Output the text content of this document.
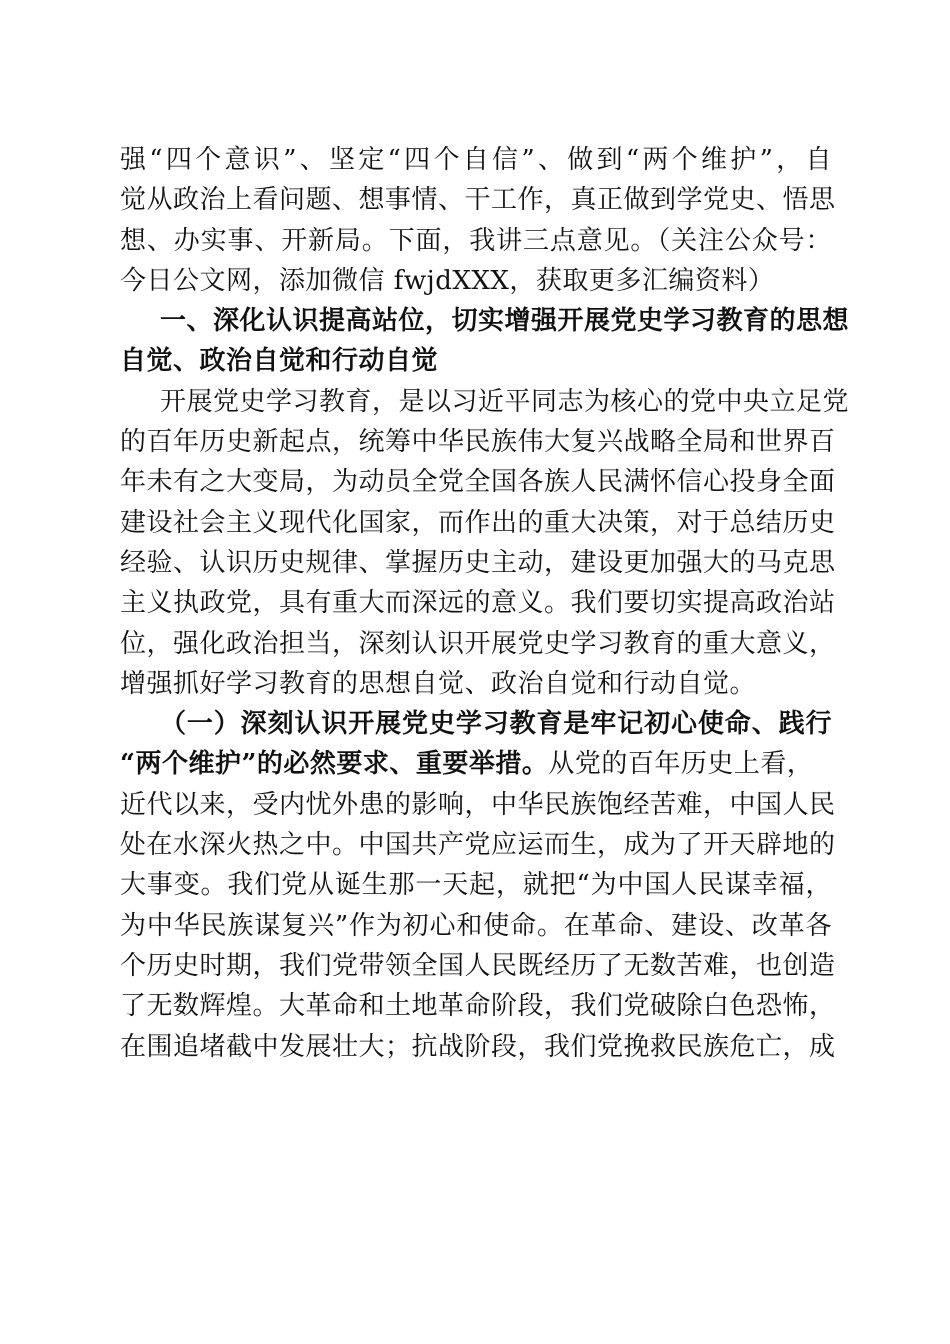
强“四个意识”、坚定“四个自信”、做到“两个维护”，自
觉从政治上看问题、想事情、干工作，真正做到学党史、悟思
想、办实事、开新局。下面，我讲三点意见。（关注公众号：
今日公文网，添加微信 fwjdXXX，获取更多汇编资料）
一、深化认识提高站位，切实增强开展党史学习教育的思想
自觉、政治自觉和行动自觉
开展党史学习教育，是以习近平同志为核心的党中央立足党
的百年历史新起点，统筹中华民族伟大复兴战略全局和世界百
年未有之大变局，为动员全党全国各族人民满怀信心投身全面
建设社会主义现代化国家，而作出的重大决策，对于总结历史
经验、认识历史规律、掌握历史主动，建设更加强大的马克思
主义执政党，具有重大而深远的意义。我们要切实提高政治站
位，强化政治担当，深刻认识开展党史学习教育的重大意义，
增强抓好学习教育的思想自觉、政治自觉和行动自觉。
（一）深刻认识开展党史学习教育是牢记初心使命、践行
“两个维护”的必然要求、重要举措。从党的百年历史上看，
近代以来，受内忧外患的影响，中华民族饱经苦难，中国人民
处在水深火热之中。中国共产党应运而生，成为了开天辟地的
大事变。我们党从诞生那一天起，就把“为中国人民谋幸福，
为中华民族谋复兴”作为初心和使命。在革命、建设、改革各
个历史时期，我们党带领全国人民既经历了无数苦难，也创造
了无数辉煌。大革命和土地革命阶段，我们党破除白色恐怖，
在围追堵截中发展壮大；抗战阶段，我们党挽救民族危亡，成
